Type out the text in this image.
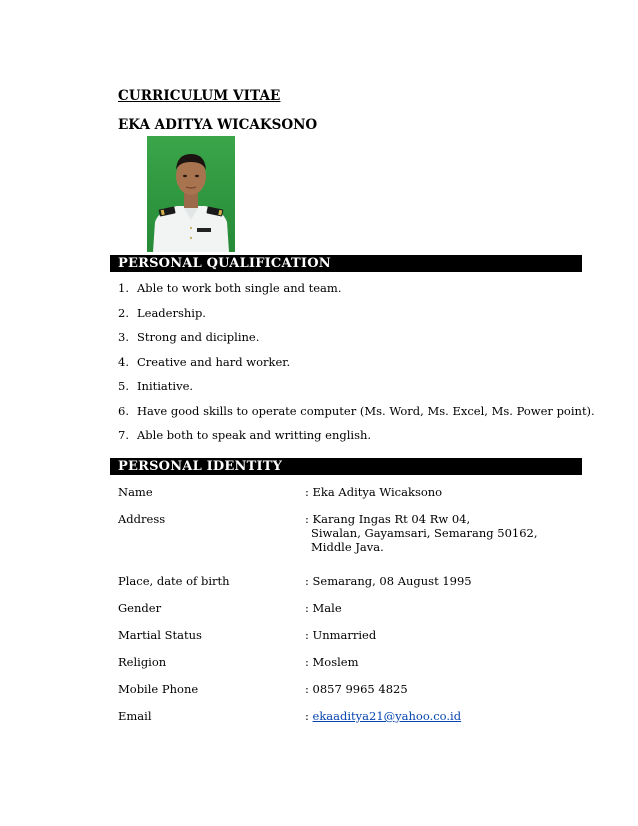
CURRICULUM VITAE
EKA ADITYA WICAKSONO
PERSONAL QUALIFICATION
1. Able to work both single and team.
2. Leadership.
3. Strong and dicipline.
4. Creative and hard worker.
5. Initiative.
6. Have good skills to operate computer (Ms. Word, Ms. Excel, Ms. Power point).
7. Able both to speak and writting english.
PERSONAL IDENTITY
Name	: Eka Aditya Wicaksono
Address	: Karang Ingas Rt 04 Rw 04,
Siwalan, Gayamsari, Semarang 50162,
Middle Java.
Place, date of birth	: Semarang, 08 August 1995
Gender	: Male
Martial Status	: Unmarried
Religion	: Moslem
Mobile Phone	: 0857 9965 4825
Email	: ekaaditya21@yahoo.co.id
